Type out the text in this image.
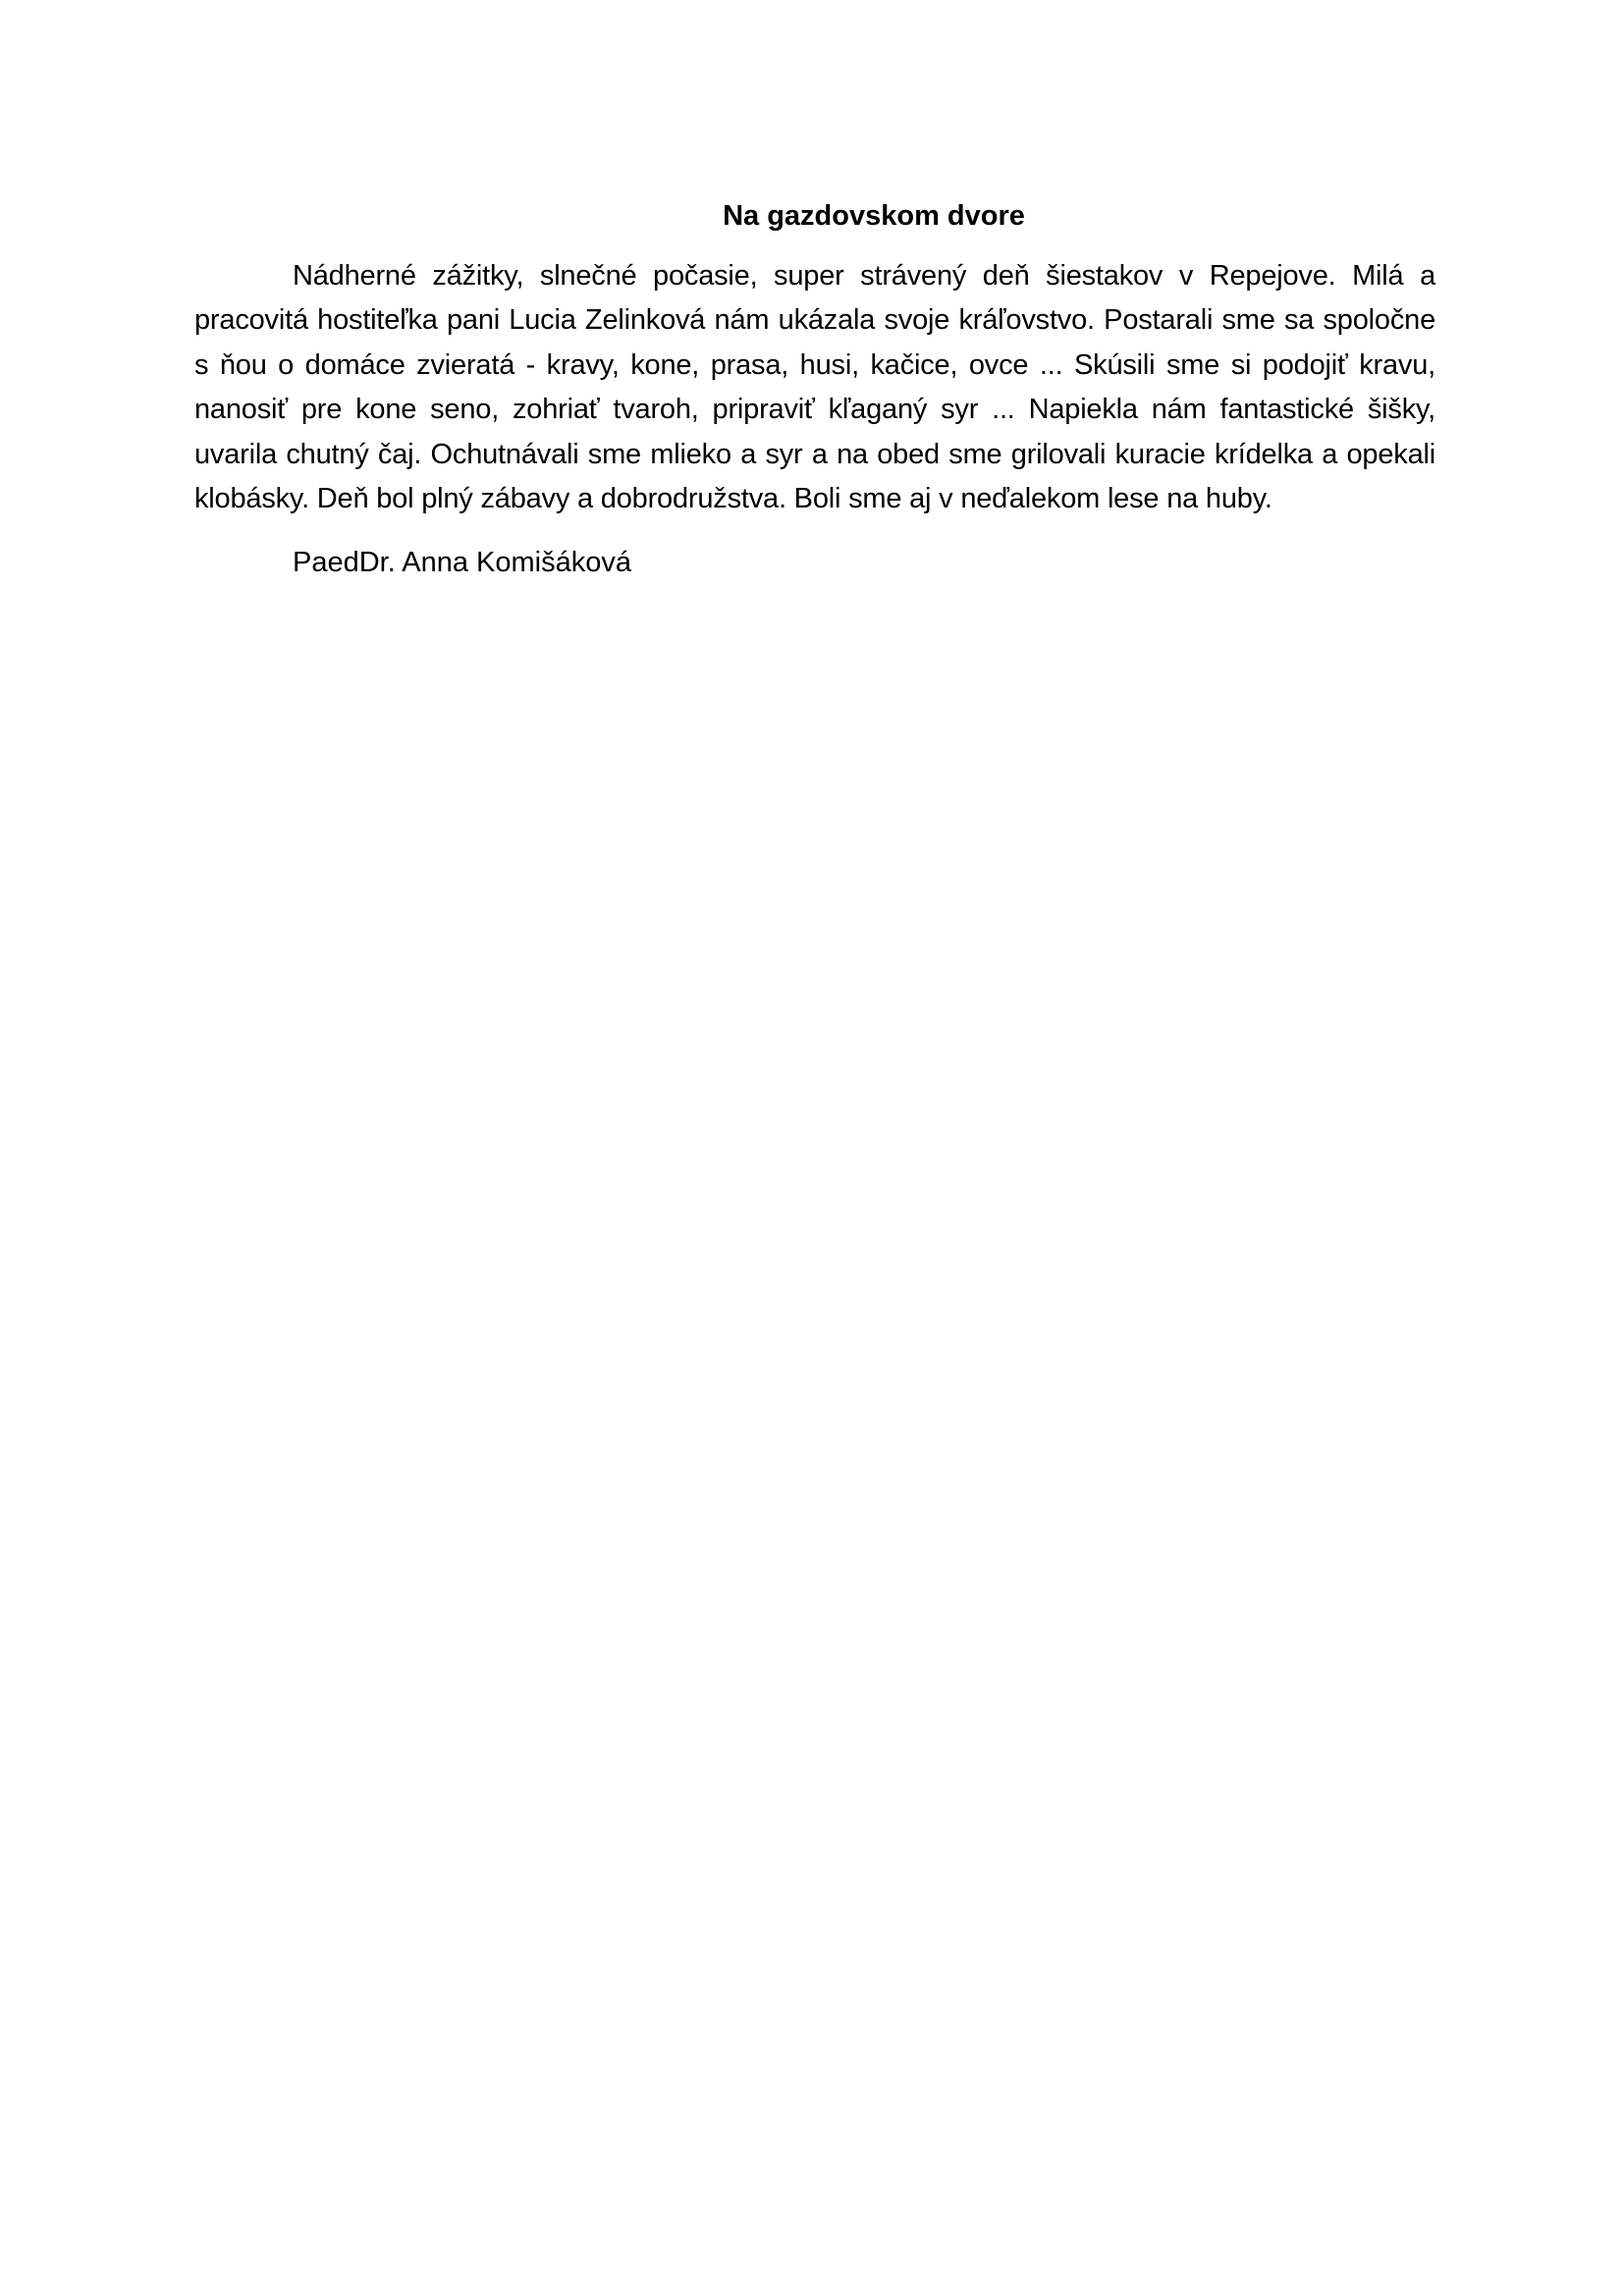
Na gazdovskom dvore

Nádherné zážitky, slnečné počasie, super strávený deň šiestakov v Repejove. Milá a pracovitá hostiteľka pani Lucia Zelinková nám ukázala svoje kráľovstvo. Postarali sme sa spoločne s ňou o domáce zvieratá - kravy, kone, prasa, husi, kačice, ovce ... Skúsili sme si podojiť kravu, nanosiť pre kone seno, zohriať tvaroh, pripraviť kľaganý syr ... Napiekla nám fantastické šišky, uvarila chutný čaj. Ochutnávali sme mlieko a syr a na obed sme grilovali kuracie krídelka a opekali klobásky. Deň bol plný zábavy a dobrodružstva. Boli sme aj v neďalekom lese na huby.

PaedDr. Anna Komišáková
